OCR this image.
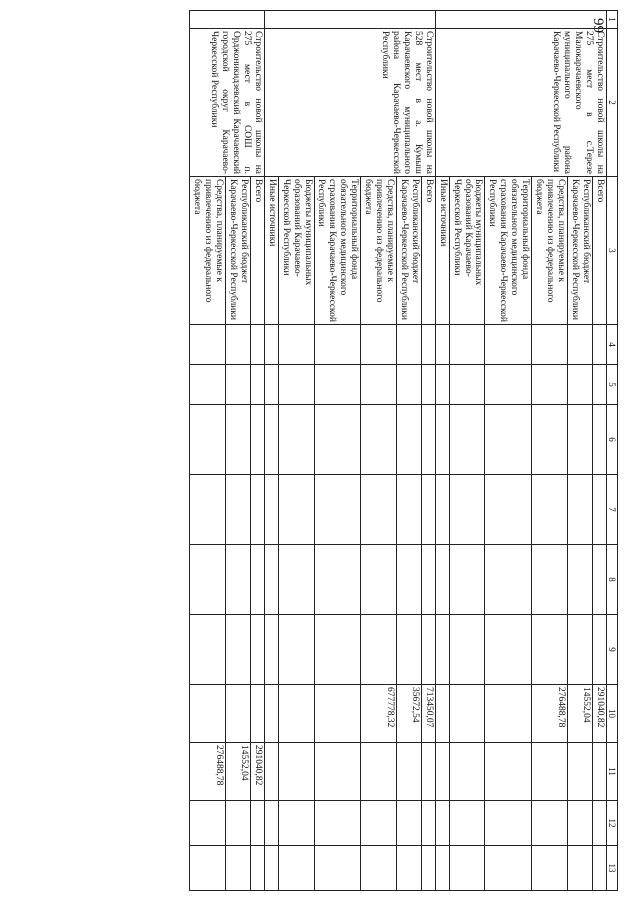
99 1	2	3	4	5	6	7	8	9	10	11	12	13
	Строительство новой школы на 275 мест в с.Терезе Малокарачаевского муниципального района Карачаево-Черкесской Республики	Всего							291040,82			
		Республиканский бюджет Карачаево-Черкесской Республики							14552,04			
		Средства, планируемые к привлечению из федерального бюджета							276488,78			
		Территориальный фонда обязательного медицинского страхования Карачаево-Черкесской Республики										
		Бюджеты муниципальных образований Карачаево-Черкесской Республики										
		Иные источники										
	Строительство новой школы на 528 мест в а. Кумыш Карачаевского муниципального района Карачаево-Черкесской Республики	Всего							713450,07			
		Республиканский бюджет Карачаево-Черкесской Республики							35672,54			
		Средства, планируемые к привлечению из федерального бюджета							677778,32			
		Территориальный фонда обязательного медицинского страхования Карачаево-Черкесской Республики										
		Бюджеты муниципальных образований Карачаево-Черкесской Республики										
		Иные источники										
	Строительство новой школы на 275 мест в СОШ п. Орджоникидзевский Карачаевский городской округ Карачаево-Черкесской Республики	Всего								291040,82		
		Республиканский бюджет Карачаево-Черкесской Республики								14552,04		
		Средства, планируемые к привлечению из федерального бюджета								276488,78		
